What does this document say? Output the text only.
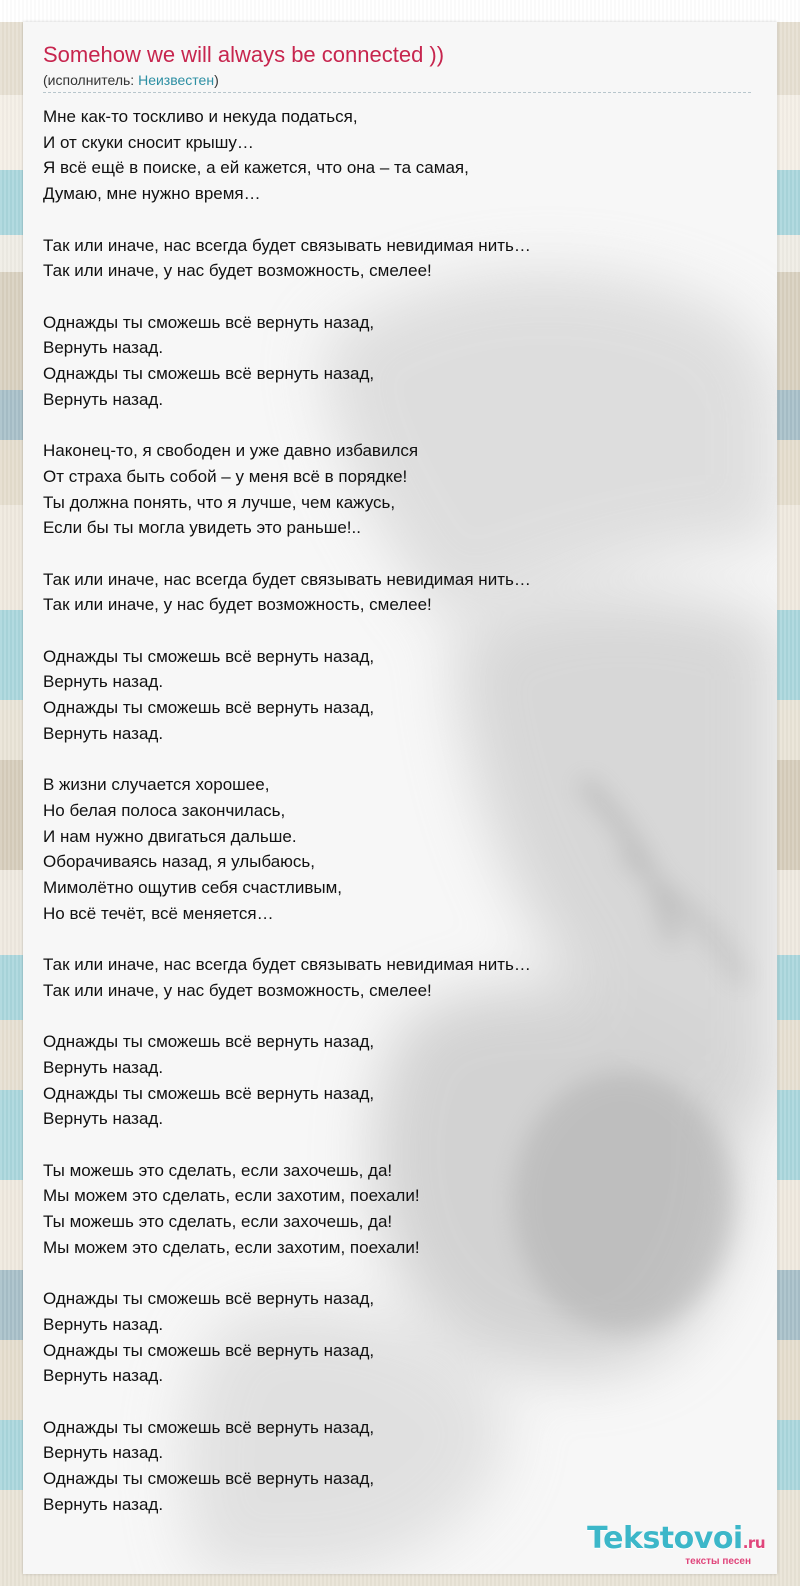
Somehow we will always be connected ))
(исполнитель: Неизвестен)
Мне как-то тоскливо и некуда податься,
И от скуки сносит крышу…
Я всё ещё в поиске, а ей кажется, что она – та самая,
Думаю, мне нужно время…
Так или иначе, нас всегда будет связывать невидимая нить…
Так или иначе, у нас будет возможность, смелее!
Однажды ты сможешь всё вернуть назад,
Вернуть назад.
Однажды ты сможешь всё вернуть назад,
Вернуть назад.
Наконец-то, я свободен и уже давно избавился
От страха быть собой – у меня всё в порядке!
Ты должна понять, что я лучше, чем кажусь,
Если бы ты могла увидеть это раньше!..
Так или иначе, нас всегда будет связывать невидимая нить…
Так или иначе, у нас будет возможность, смелее!
Однажды ты сможешь всё вернуть назад,
Вернуть назад.
Однажды ты сможешь всё вернуть назад,
Вернуть назад.
В жизни случается хорошее,
Но белая полоса закончилась,
И нам нужно двигаться дальше.
Оборачиваясь назад, я улыбаюсь,
Мимолётно ощутив себя счастливым,
Но всё течёт, всё меняется…
Так или иначе, нас всегда будет связывать невидимая нить…
Так или иначе, у нас будет возможность, смелее!
Однажды ты сможешь всё вернуть назад,
Вернуть назад.
Однажды ты сможешь всё вернуть назад,
Вернуть назад.
Ты можешь это сделать, если захочешь, да!
Мы можем это сделать, если захотим, поехали!
Ты можешь это сделать, если захочешь, да!
Мы можем это сделать, если захотим, поехали!
Однажды ты сможешь всё вернуть назад,
Вернуть назад.
Однажды ты сможешь всё вернуть назад,
Вернуть назад.
Однажды ты сможешь всё вернуть назад,
Вернуть назад.
Однажды ты сможешь всё вернуть назад,
Вернуть назад.
Tekstovoi.ru
тексты песен
